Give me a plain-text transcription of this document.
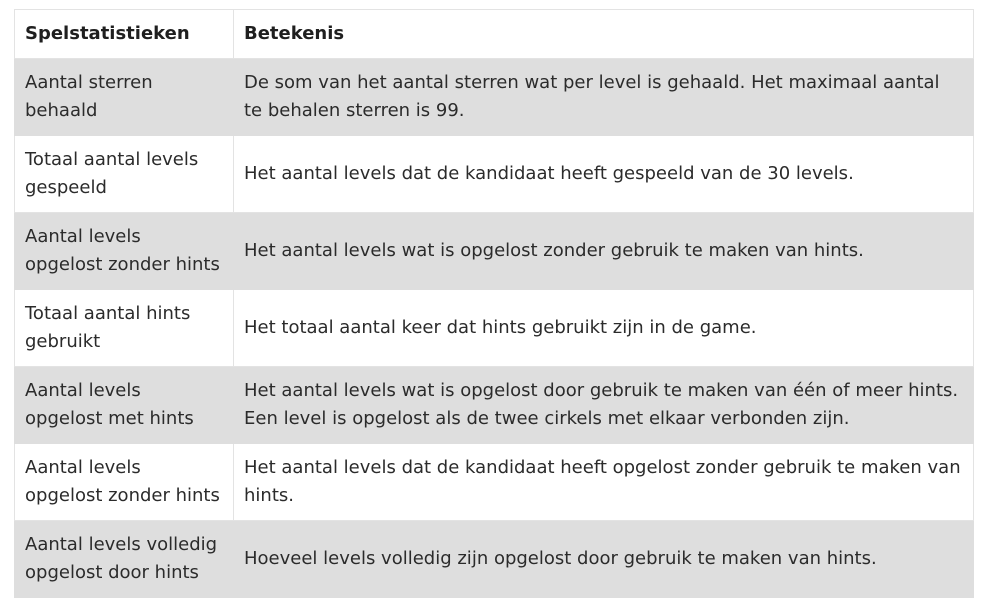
Spelstatistieken	Betekenis
Aantal sterren behaald	De som van het aantal sterren wat per level is gehaald. Het maximaal aantal te behalen sterren is 99.
Totaal aantal levels gespeeld	Het aantal levels dat de kandidaat heeft gespeeld van de 30 levels.
Aantal levels opgelost zonder hints	Het aantal levels wat is opgelost zonder gebruik te maken van hints.
Totaal aantal hints gebruikt	Het totaal aantal keer dat hints gebruikt zijn in de game.
Aantal levels opgelost met hints	Het aantal levels wat is opgelost door gebruik te maken van één of meer hints. Een level is opgelost als de twee cirkels met elkaar verbonden zijn.
Aantal levels opgelost zonder hints	Het aantal levels dat de kandidaat heeft opgelost zonder gebruik te maken van hints.
Aantal levels volledig opgelost door hints	Hoeveel levels volledig zijn opgelost door gebruik te maken van hints.
